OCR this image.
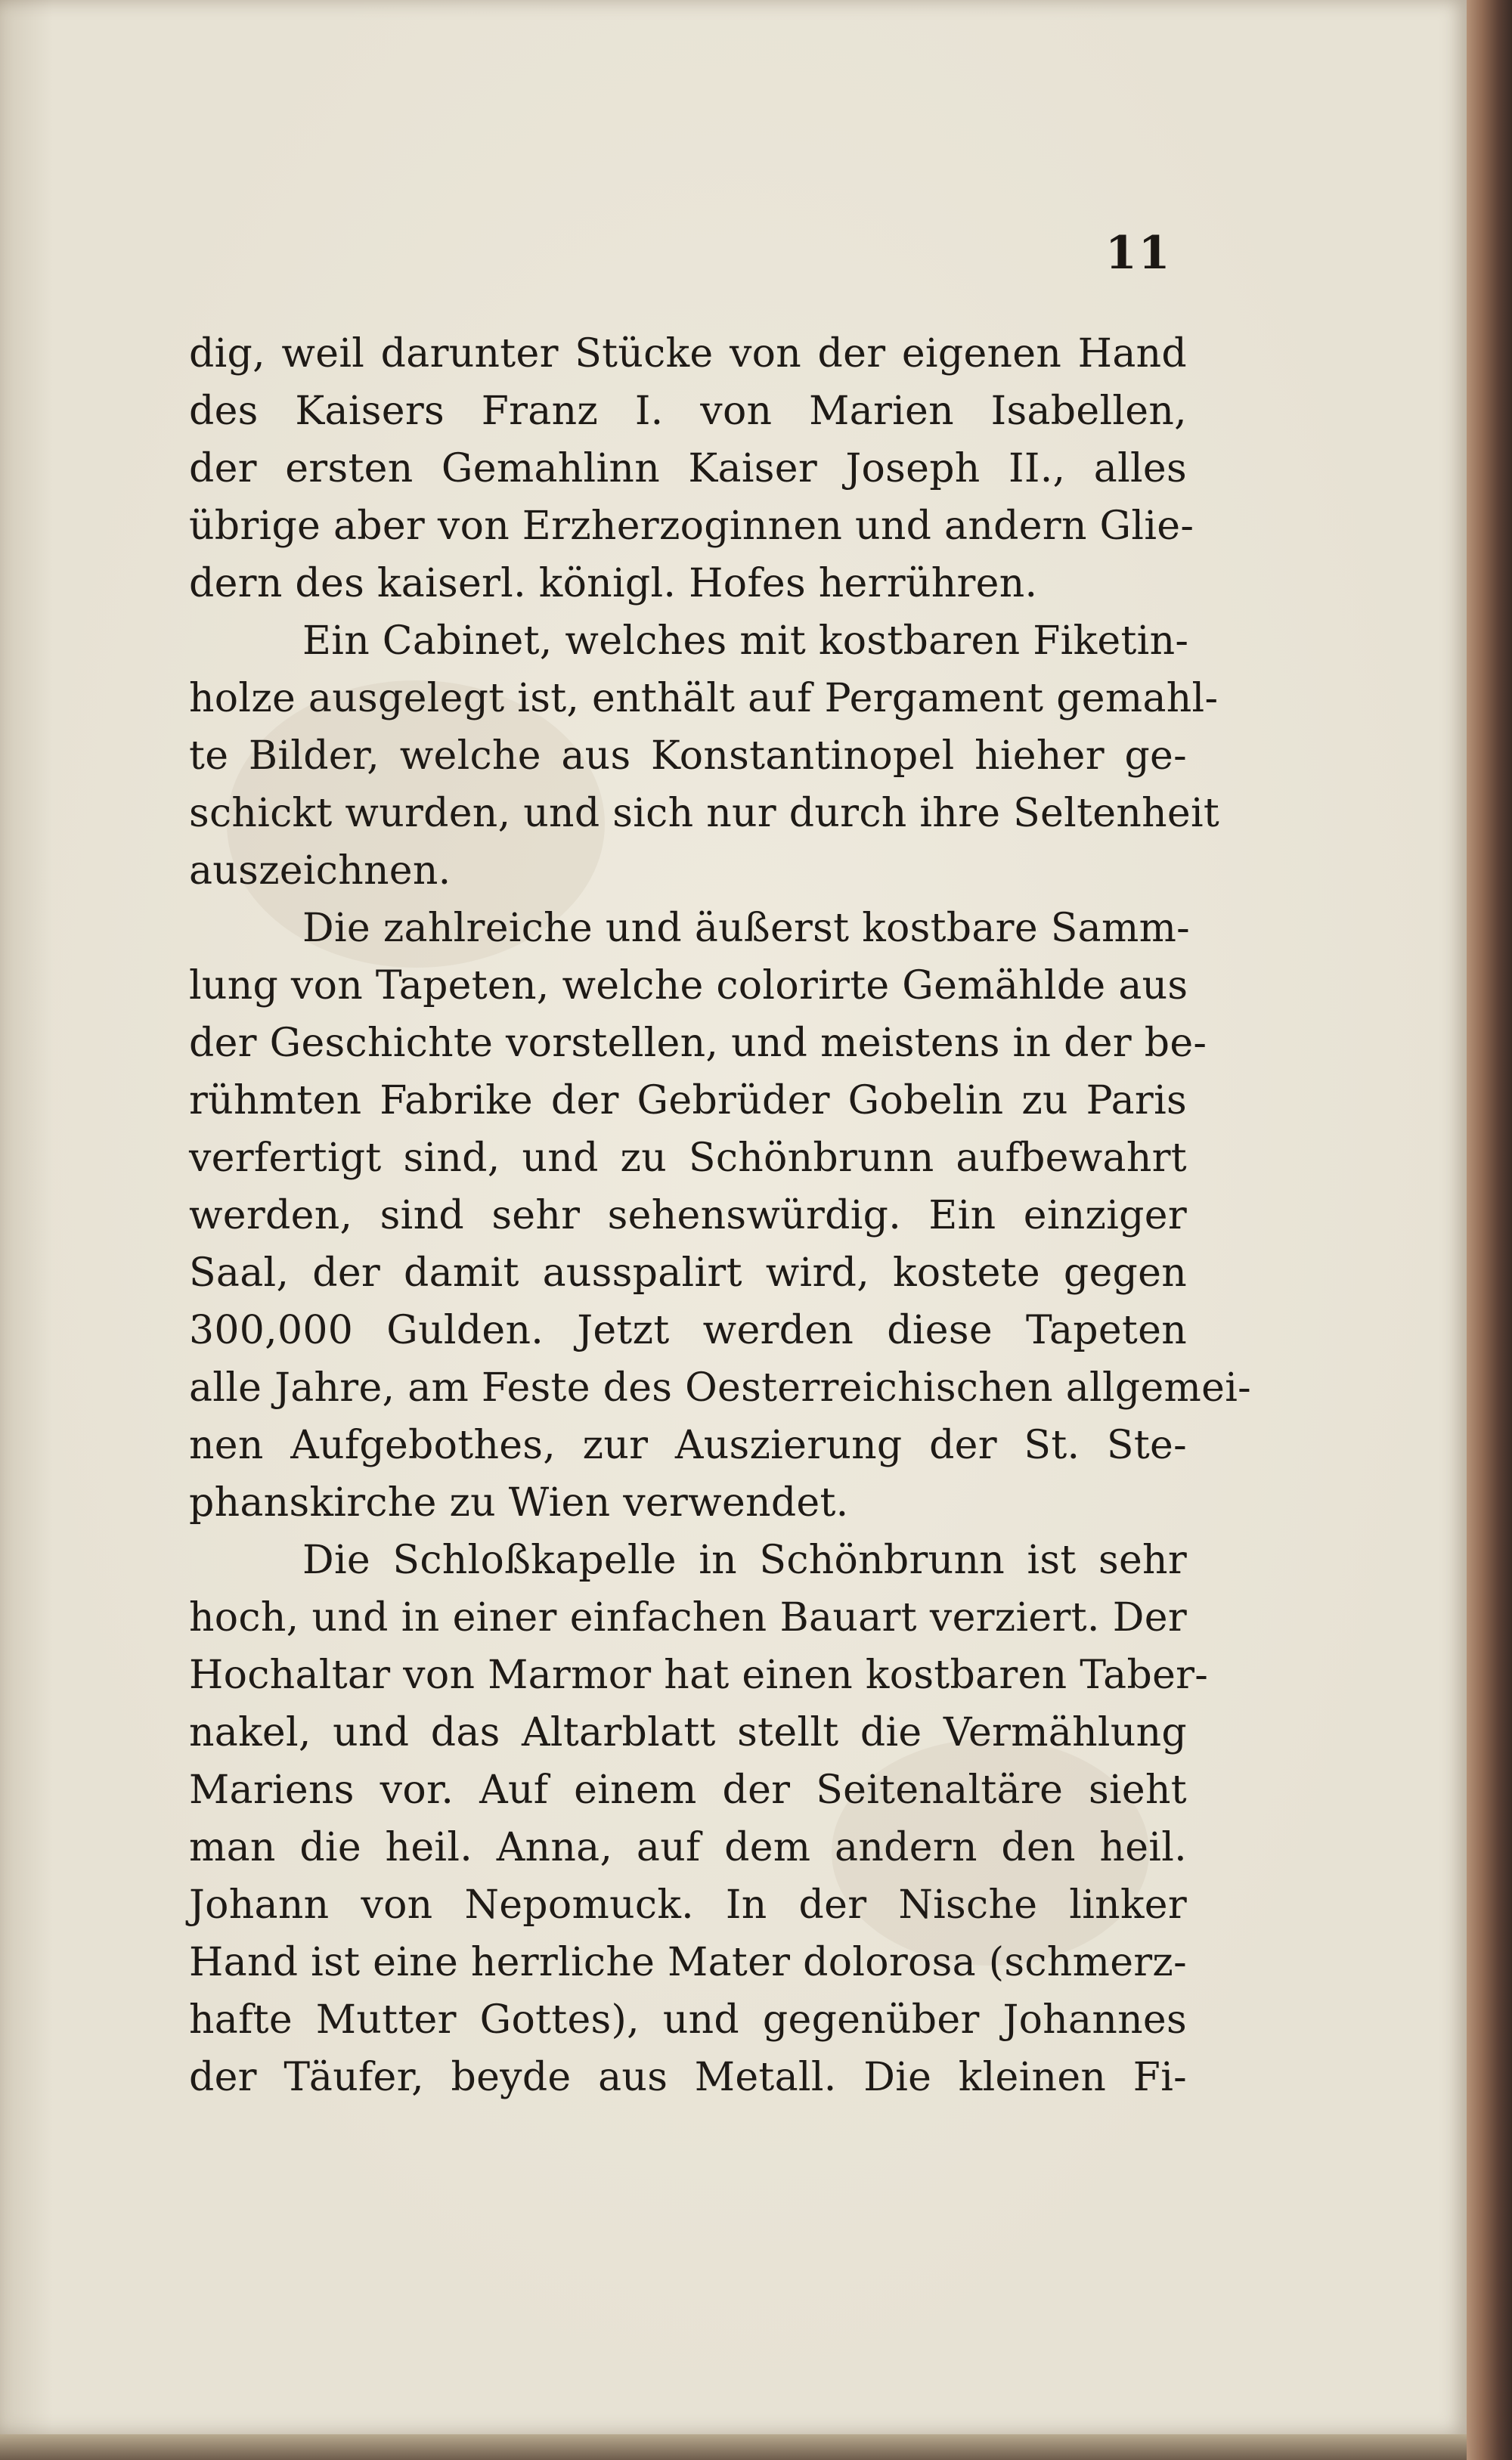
11
dig, weil darunter Stücke von der eigenen Hand
des Kaisers Franz I. von Marien Isabellen,
der ersten Gemahlinn Kaiser Joseph II., alles
übrige aber von Erzherzoginnen und andern Glie-
dern des kaiserl. königl. Hofes herrühren.
Ein Cabinet, welches mit kostbaren Fiketin-
holze ausgelegt ist, enthält auf Pergament gemahl-
te Bilder, welche aus Konstantinopel hieher ge-
schickt wurden, und sich nur durch ihre Seltenheit
auszeichnen.
Die zahlreiche und äußerst kostbare Samm-
lung von Tapeten, welche colorirte Gemählde aus
der Geschichte vorstellen, und meistens in der be-
rühmten Fabrike der Gebrüder Gobelin zu Paris
verfertigt sind, und zu Schönbrunn aufbewahrt
werden, sind sehr sehenswürdig. Ein einziger
Saal, der damit ausspalirt wird, kostete gegen
300,000 Gulden. Jetzt werden diese Tapeten
alle Jahre, am Feste des Oesterreichischen allgemei-
nen Aufgebothes, zur Auszierung der St. Ste-
phanskirche zu Wien verwendet.
Die Schloßkapelle in Schönbrunn ist sehr
hoch, und in einer einfachen Bauart verziert. Der
Hochaltar von Marmor hat einen kostbaren Taber-
nakel, und das Altarblatt stellt die Vermählung
Mariens vor. Auf einem der Seitenaltäre sieht
man die heil. Anna, auf dem andern den heil.
Johann von Nepomuck. In der Nische linker
Hand ist eine herrliche Mater dolorosa (schmerz-
hafte Mutter Gottes), und gegenüber Johannes
der Täufer, beyde aus Metall. Die kleinen Fi-
